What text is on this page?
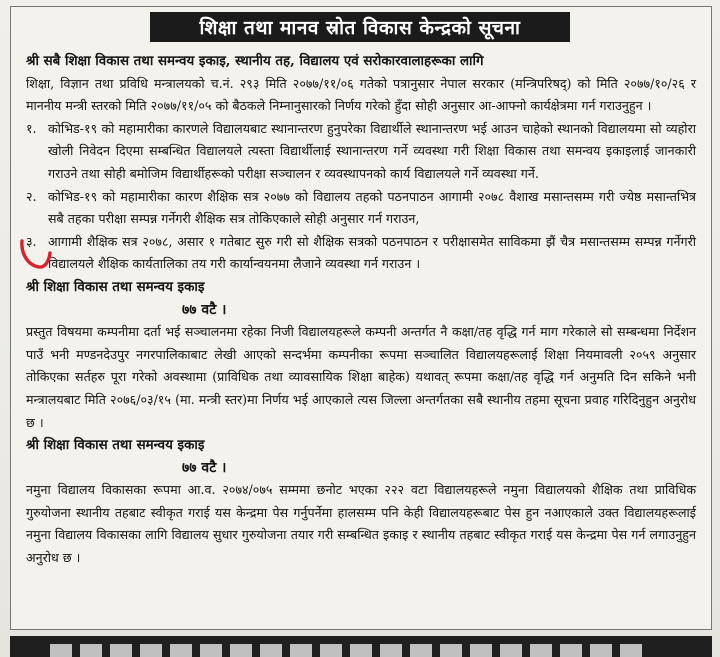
शिक्षा तथा मानव स्रोत विकास केन्द्रको सूचना
श्री सबै शिक्षा विकास तथा समन्वय इकाइ, स्थानीय तह, विद्यालय एवं सरोकारवालाहरूका लागि
शिक्षा, विज्ञान तथा प्रविधि मन्त्रालयको च.नं. २९३ मिति २०७७/११/०६ गतेको पत्रानुसार नेपाल सरकार (मन्त्रिपरिषद्) को मिति २०७७/१०/२६ र माननीय मन्त्री स्तरको मिति २०७७/११/०५ को बैठकले निम्नानुसारको निर्णय गरेको हुँदा सोही अनुसार आ-आफ्नो कार्यक्षेत्रमा गर्न गराउनुहुन ।
१. कोभिड-१९ को महामारीका कारणले विद्यालयबाट स्थानान्तरण हुनुपरेका विद्यार्थीले स्थानान्तरण भई आउन चाहेको स्थानको विद्यालयमा सो व्यहोरा खोली निवेदन दिएमा सम्बन्धित विद्यालयले त्यस्ता विद्यार्थीलाई स्थानान्तरण गर्ने व्यवस्था गरी शिक्षा विकास तथा समन्वय इकाइलाई जानकारी गराउने तथा सोही बमोजिम विद्यार्थीहरूको परीक्षा सञ्चालन र व्यवस्थापनको कार्य विद्यालयले गर्ने व्यवस्था गर्ने.
२. कोभिड-१९ को महामारीका कारण शैक्षिक सत्र २०७७ को विद्यालय तहको पठनपाठन आगामी २०७८ वैशाख मसान्तसम्म गरी ज्येष्ठ मसान्तभित्र सबै तहका परीक्षा सम्पन्न गर्नेगरी शैक्षिक सत्र तोकिएकाले सोही अनुसार गर्न गराउन,
३. आगामी शैक्षिक सत्र २०७८, असार १ गतेबाट सुरु गरी सो शैक्षिक सत्रको पठनपाठन र परीक्षासमेत साविकमा झैं चैत्र मसान्तसम्म सम्पन्न गर्नेगरी विद्यालयले शैक्षिक कार्यतालिका तय गरी कार्यान्वयनमा लैजाने व्यवस्था गर्न गराउन ।
श्री शिक्षा विकास तथा समन्वय इकाइ
७७ वटै ।
प्रस्तुत विषयमा कम्पनीमा दर्ता भई सञ्चालनमा रहेका निजी विद्यालयहरूले कम्पनी अन्तर्गत नै कक्षा/तह वृद्धि गर्न माग गरेकाले सो सम्बन्धमा निर्देशन पाउँ भनी मण्डनदेउपुर नगरपालिकाबाट लेखी आएको सन्दर्भमा कम्पनीका रूपमा सञ्चालित विद्यालयहरूलाई शिक्षा नियमावली २०५९ अनुसार तोकिएका सर्तहरु पूरा गरेको अवस्थामा (प्राविधिक तथा व्यावसायिक शिक्षा बाहेक) यथावत् रूपमा कक्षा/तह वृद्धि गर्न अनुमति दिन सकिने भनी मन्त्रालयबाट मिति २०७६/०३/१५ (मा. मन्त्री स्तर)मा निर्णय भई आएकाले त्यस जिल्ला अन्तर्गतका सबै स्थानीय तहमा सूचना प्रवाह गरिदिनुहुन अनुरोध छ ।
श्री शिक्षा विकास तथा समन्वय इकाइ
७७ वटै ।
नमुना विद्यालय विकासका रूपमा आ.व. २०७४/०७५ सम्ममा छनोट भएका २२२ वटा विद्यालयहरूले नमुना विद्यालयको शैक्षिक तथा प्राविधिक गुरुयोजना स्थानीय तहबाट स्वीकृत गराई यस केन्द्रमा पेस गर्नुपर्नेमा हालसम्म पनि केही विद्यालयहरूबाट पेस हुन नआएकाले उक्त विद्यालयहरूलाई नमुना विद्यालय विकासका लागि विद्यालय सुधार गुरुयोजना तयार गरी सम्बन्धित इकाइ र स्थानीय तहबाट स्वीकृत गराई यस केन्द्रमा पेस गर्न लगाउनुहुन अनुरोध छ ।
